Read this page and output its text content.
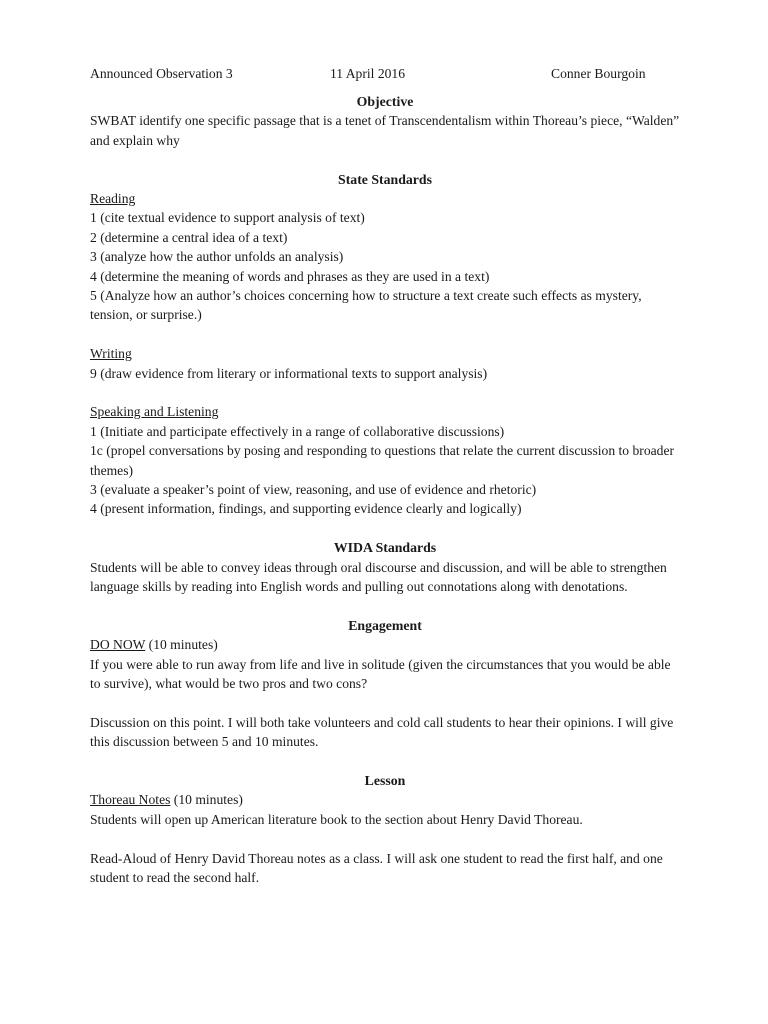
Announced Observation 3	11 April 2016	Conner Bourgoin
Objective

SWBAT identify one specific passage that is a tenet of Transcendentalism within Thoreau’s piece, “Walden” and explain why

State Standards

Reading

1 (cite textual evidence to support analysis of text)

2 (determine a central idea of a text)

3 (analyze how the author unfolds an analysis)

4 (determine the meaning of words and phrases as they are used in a text)

5 (Analyze how an author’s choices concerning how to structure a text create such effects as mystery, tension, or surprise.)

Writing

9 (draw evidence from literary or informational texts to support analysis)

Speaking and Listening

1 (Initiate and participate effectively in a range of collaborative discussions)

1c (propel conversations by posing and responding to questions that relate the current discussion to broader themes)

3 (evaluate a speaker’s point of view, reasoning, and use of evidence and rhetoric)

4 (present information, findings, and supporting evidence clearly and logically)

WIDA Standards

Students will be able to convey ideas through oral discourse and discussion, and will be able to strengthen language skills by reading into English words and pulling out connotations along with denotations.

Engagement

DO NOW (10 minutes)

If you were able to run away from life and live in solitude (given the circumstances that you would be able to survive), what would be two pros and two cons?

Discussion on this point. I will both take volunteers and cold call students to hear their opinions. I will give this discussion between 5 and 10 minutes.

Lesson

Thoreau Notes (10 minutes)

Students will open up American literature book to the section about Henry David Thoreau.

Read-Aloud of Henry David Thoreau notes as a class. I will ask one student to read the first half, and one student to read the second half.
